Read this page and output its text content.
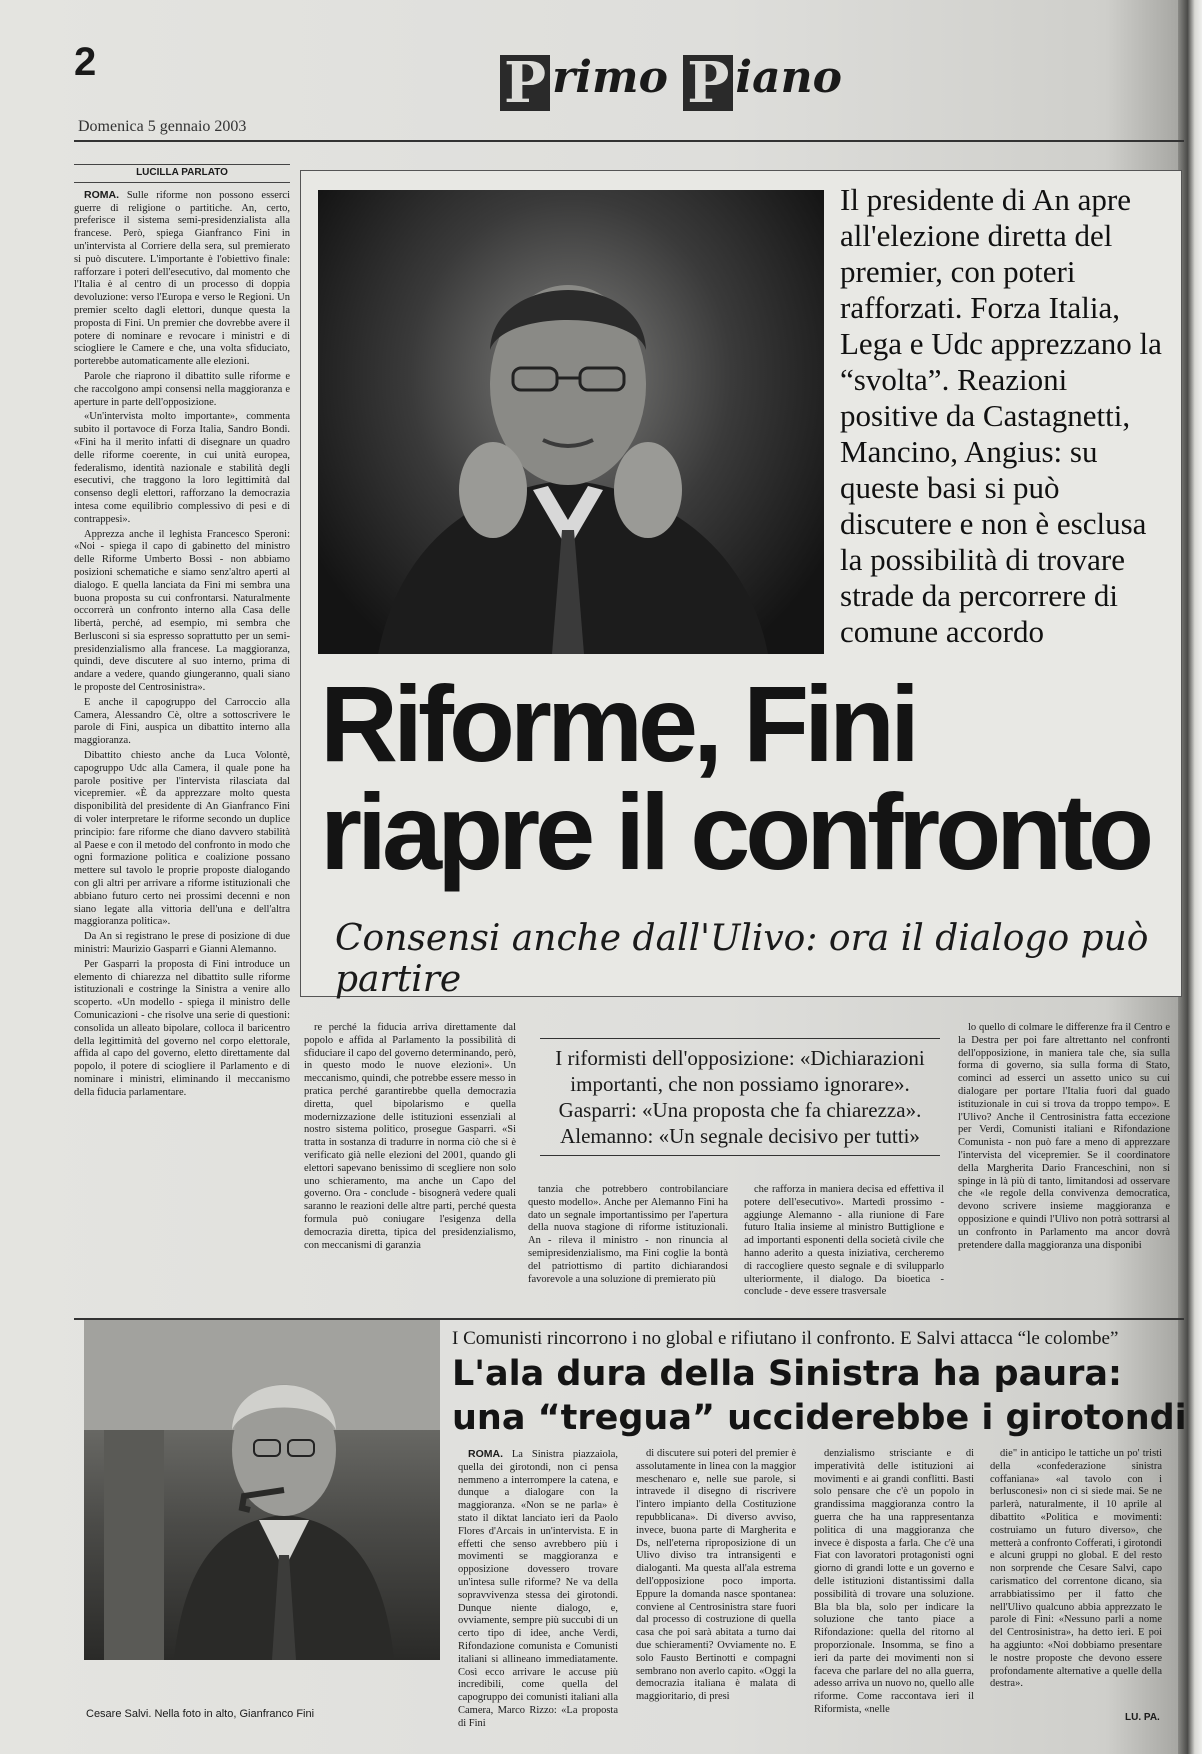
2	P rimo P iano
Domenica 5 gennaio 2003
LUCILLA PARLATO

ROMA. Sulle riforme non possono esserci guerre di religione o partitiche. An, certo, preferisce il sistema semi-presidenzialista alla francese. Però, spiega Gianfranco Fini in un'intervista al Corriere della sera, sul premierato si può discutere. L'importante è l'obiettivo finale: rafforzare i poteri dell'esecutivo, dal momento che l'Italia è al centro di un processo di doppia devoluzione: verso l'Europa e verso le Regioni. Un premier scelto dagli elettori, dunque questa la proposta di Fini. Un premier che dovrebbe avere il potere di nominare e revocare i ministri e di sciogliere le Camere e che, una volta sfiduciato, porterebbe automaticamente alle elezioni.

Parole che riaprono il dibattito sulle riforme e che raccolgono ampi consensi nella maggioranza e aperture in parte dell'opposizione.

«Un'intervista molto importante», commenta subito il portavoce di Forza Italia, Sandro Bondi. «Fini ha il merito infatti di disegnare un quadro delle riforme coerente, in cui unità europea, federalismo, identità nazionale e stabilità degli esecutivi, che traggono la loro legittimità dal consenso degli elettori, rafforzano la democrazia intesa come equilibrio complessivo di pesi e di contrappesi».

Apprezza anche il leghista Francesco Speroni: «Noi - spiega il capo di gabinetto del ministro delle Riforme Umberto Bossi - non abbiamo posizioni schematiche e siamo senz'altro aperti al dialogo. E quella lanciata da Fini mi sembra una buona proposta su cui confrontarsi. Naturalmente occorrerà un confronto interno alla Casa delle libertà, perché, ad esempio, mi sembra che Berlusconi si sia espresso soprattutto per un semi-presidenzialismo alla francese. La maggioranza, quindi, deve discutere al suo interno, prima di andare a vedere, quando giungeranno, quali siano le proposte del Centrosinistra».

E anche il capogruppo del Carroccio alla Camera, Alessandro Cè, oltre a sottoscrivere le parole di Fini, auspica un dibattito interno alla maggioranza.

Dibattito chiesto anche da Luca Volontè, capogruppo Udc alla Camera, il quale pone ha parole positive per l'intervista rilasciata dal vicepremier. «È da apprezzare molto questa disponibilità del presidente di An Gianfranco Fini di voler interpretare le riforme secondo un duplice principio: fare riforme che diano davvero stabilità al Paese e con il metodo del confronto in modo che ogni formazione politica e coalizione possano mettere sul tavolo le proprie proposte dialogando con gli altri per arrivare a riforme istituzionali che abbiano futuro certo nei prossimi decenni e non siano legate alla vittoria dell'una e dell'altra maggioranza politica».

Da An si registrano le prese di posizione di due ministri: Maurizio Gasparri e Gianni Alemanno.

Per Gasparri la proposta di Fini introduce un elemento di chiarezza nel dibattito sulle riforme istituzionali e costringe la Sinistra a venire allo scoperto. «Un modello - spiega il ministro delle Comunicazioni - che risolve una serie di questioni: consolida un alleato bipolare, colloca il baricentro della legittimità del governo nel corpo elettorale, affida al capo del governo, eletto direttamente dal popolo, il potere di sciogliere il Parlamento e di nominare i ministri, eliminando il meccanismo della fiducia parlamentare.

Il presidente di An apre all'elezione diretta del premier, con poteri rafforzati. Forza Italia, Lega e Udc apprezzano la “svolta”. Reazioni positive da Castagnetti, Mancino, Angius: su queste basi si può discutere e non è esclusa la possibilità di trovare strade da percorrere di comune accordo
Riforme, Fini
riapre il confronto
Consensi anche dall'Ulivo: ora il dialogo può partire

re perché la fiducia arriva direttamente dal popolo e affida al Parlamento la possibilità di sfiduciare il capo del governo determinando, però, in questo modo le nuove elezioni». Un meccanismo, quindi, che potrebbe essere messo in pratica perché garantirebbe quella democrazia diretta, quel bipolarismo e quella modernizzazione delle istituzioni essenziali al nostro sistema politico, prosegue Gasparri. «Si tratta in sostanza di tradurre in norma ciò che si è verificato già nelle elezioni del 2001, quando gli elettori sapevano benissimo di scegliere non solo uno schieramento, ma anche un Capo del governo. Ora - conclude - bisognerà vedere quali saranno le reazioni delle altre parti, perché questa formula può coniugare l'esigenza della democrazia diretta, tipica del presidenzialismo, con meccanismi di garanzia

I riformisti dell'opposizione: «Dichiarazioni importanti, che non possiamo ignorare». Gasparri: «Una proposta che fa chiarezza». Alemanno: «Un segnale decisivo per tutti»

tanzia che potrebbero controbilanciare questo modello». Anche per Alemanno Fini ha dato un segnale importantissimo per l'apertura della nuova stagione di riforme istituzionali. An - rileva il ministro - non rinuncia al semipresidenzialismo, ma Fini coglie la bontà del patriottismo di partito dichiarandosi favorevole a una soluzione di premierato più

che rafforza in maniera decisa ed effettiva il potere dell'esecutivo». Martedì prossimo - aggiunge Alemanno - alla riunione di Fare futuro Italia insieme al ministro Buttiglione e ad importanti esponenti della società civile che hanno aderito a questa iniziativa, cercheremo di raccogliere questo segnale e di svilupparlo ulteriormente, il dialogo. Da bioetica - conclude - deve essere trasversale

lo quello di colmare le differenze fra il Centro e la Destra per poi fare altrettanto nel confronti dell'opposizione, in maniera tale che, sia sulla forma di governo, sia sulla forma di Stato, cominci ad esserci un assetto unico su cui dialogare per portare l'Italia fuori dal guado istituzionale in cui si trova da troppo tempo». E l'Ulivo? Anche il Centrosinistra fatta eccezione per Verdi, Comunisti italiani e Rifondazione Comunista - non può fare a meno di apprezzare l'intervista del vicepremier. Se il coordinatore della Margherita Dario Franceschini, non si spinge in là più di tanto, limitandosi ad osservare che «le regole della convivenza democratica, devono scrivere insieme maggioranza e opposizione e quindi l'Ulivo non potrà sottrarsi al un confronto in Parlamento ma ancor dovrà pretendere dalla maggioranza una disponibi

Cesare Salvi. Nella foto in alto, Gianfranco Fini
I Comunisti rincorrono i no global e rifiutano il confronto. E Salvi attacca “le colombe”
L'ala dura della Sinistra ha paura:
una “tregua” ucciderebbe i girotondi

ROMA. La Sinistra piazzaiola, quella dei girotondi, non ci pensa nemmeno a interrompere la catena, e dunque a dialogare con la maggioranza. «Non se ne parla» è stato il diktat lanciato ieri da Paolo Flores d'Arcais in un'intervista. E in effetti che senso avrebbero più i movimenti se maggioranza e opposizione dovessero trovare un'intesa sulle riforme? Ne va della sopravvivenza stessa dei girotondi. Dunque niente dialogo, e, ovviamente, sempre più succubi di un certo tipo di idee, anche Verdi, Rifondazione comunista e Comunisti italiani si allineano immediatamente. Così ecco arrivare le accuse più incredibili, come quella del capogruppo dei comunisti italiani alla Camera, Marco Rizzo: «La proposta di Fini

di discutere sui poteri del premier è assolutamente in linea con la maggior meschenaro e, nelle sue parole, si intravede il disegno di riscrivere l'intero impianto della Costituzione repubblicana». Di diverso avviso, invece, buona parte di Margherita e Ds, nell'eterna riproposizione di un Ulivo diviso tra intransigenti e dialoganti. Ma questa all'ala estrema dell'opposizione poco importa. Eppure la domanda nasce spontanea: conviene al Centrosinistra stare fuori dal processo di costruzione di quella casa che poi sarà abitata a turno dai due schieramenti? Ovviamente no. E solo Fausto Bertinotti e compagni sembrano non averlo capito. «Oggi la democrazia italiana è malata di maggioritario, di presi

denzialismo strisciante e di imperatività delle istituzioni ai movimenti e ai grandi conflitti. Basti solo pensare che c'è un popolo in grandissima maggioranza contro la guerra che ha una rappresentanza politica di una maggioranza che invece è disposta a farla. Che c'è una Fiat con lavoratori protagonisti ogni giorno di grandi lotte e un governo e delle istituzioni distantissimi dalla possibilità di trovare una soluzione. Bla bla bla, solo per indicare la soluzione che tanto piace a Rifondazione: quella del ritorno al proporzionale. Insomma, se fino a ieri da parte dei movimenti non si faceva che parlare del no alla guerra, adesso arriva un nuovo no, quello alle riforme. Come raccontava ieri il Riformista, «nelle

die" in anticipo le tattiche un po' tristi della «confederazione sinistra coffaniana» «al tavolo con i berlusconesi» non ci si siede mai. Se ne parlerà, naturalmente, il 10 aprile al dibattito «Politica e movimenti: costruiamo un futuro diverso», che metterà a confronto Cofferati, i girotondi e alcuni gruppi no global. E del resto non sorprende che Cesare Salvi, capo carismatico del correntone dicano, sia arrabbiatissimo per il fatto che nell'Ulivo qualcuno abbia apprezzato le parole di Fini: «Nessuno parli a nome del Centrosinistra», ha detto ieri. E poi ha aggiunto: «Noi dobbiamo presentare le nostre proposte che devono essere profondamente alternative a quelle della destra».

LU. PA.
